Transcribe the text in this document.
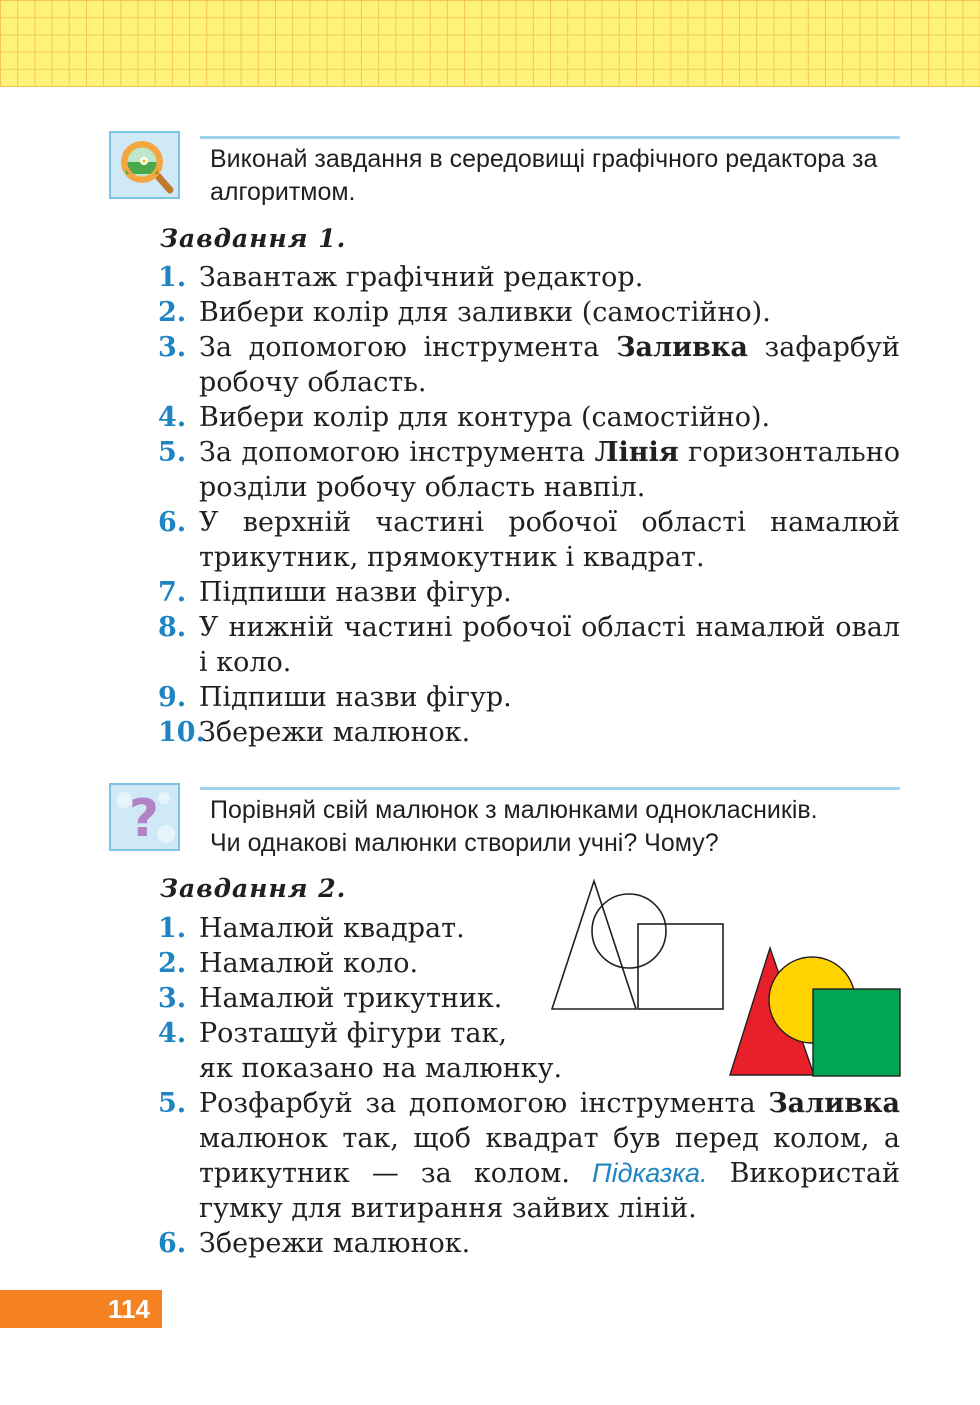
Виконай завдання в середовищі графічного редактора за алгоритмом.
Завдання 1.
1. Завантаж графічний редактор.
2. Вибери колір для заливки (самостійно).
3. За допомогою інструмента Заливка зафарбуй робочу область.
4. Вибери колір для контура (самостійно).
5. За допомогою інструмента Лінія горизонтально розділи робочу область навпіл.
6. У верхній частині робочої області намалюй трикутник, прямокутник і квадрат.
7. Підпиши назви фігур.
8. У нижній частині робочої області намалюй овал і коло.
9. Підпиши назви фігур.
10.
Збережи малюнок.
? Порівняй свій малюнок з малюнками однокласників.
Чи однакові малюнки створили учні? Чому?
Завдання 2.
1. Намалюй квадрат.
2. Намалюй коло.
3. Намалюй трикутник.
4. Розташуй фігури так,
як показано на малюнку.
5. Розфарбуй за допомогою інструмента Заливка малюнок так, щоб квадрат був перед колом, а трикутник — за колом. Підказка. Використай гумку для витирання зайвих ліній.
6. Збережи малюнок.
114
